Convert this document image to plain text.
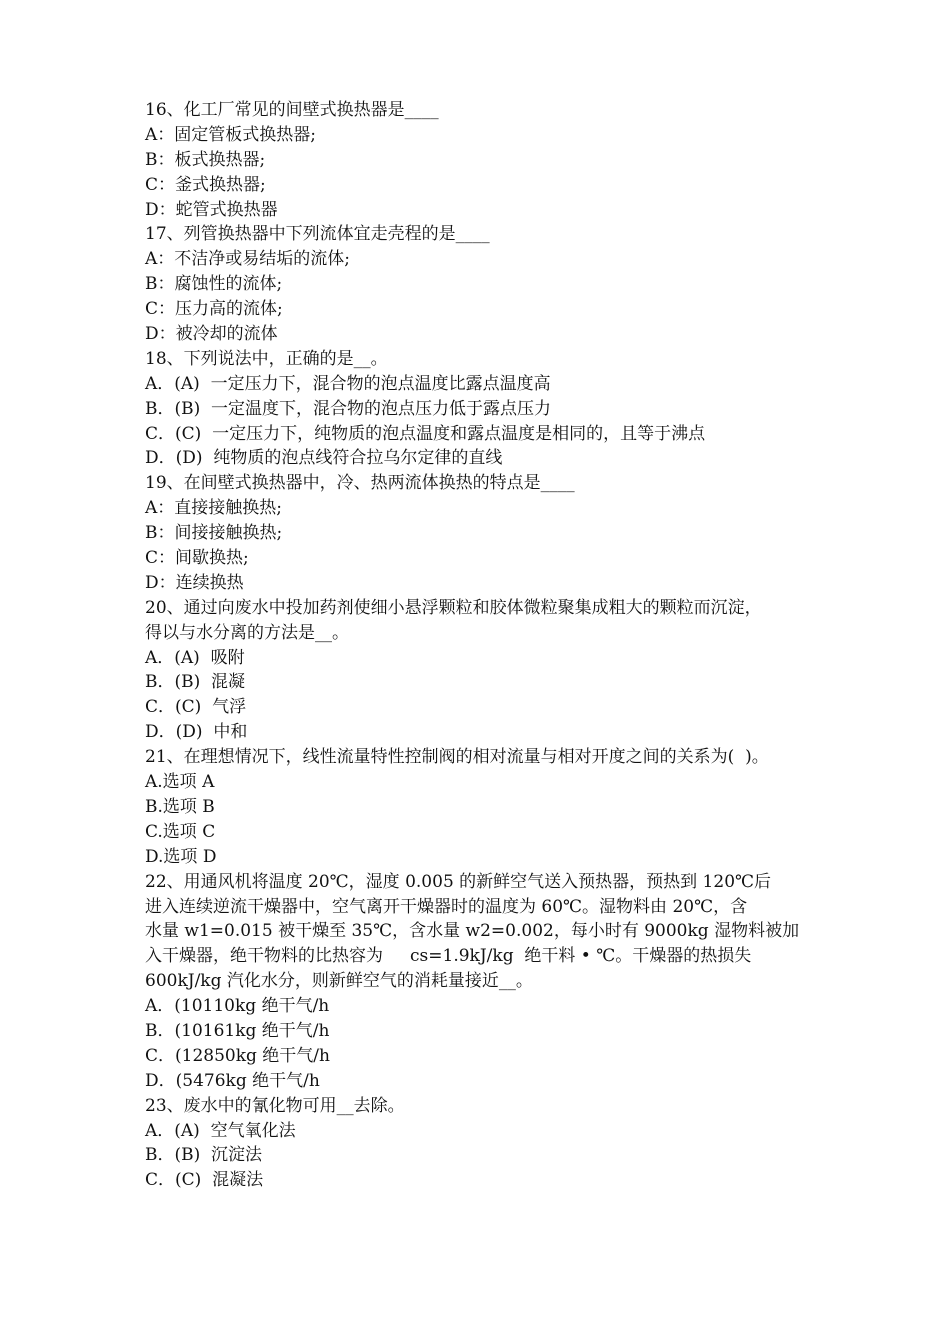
16、化工厂常见的间壁式换热器是____
A：固定管板式换热器;
B：板式换热器;
C：釜式换热器;
D：蛇管式换热器
17、列管换热器中下列流体宜走壳程的是____
A：不洁净或易结垢的流体;
B：腐蚀性的流体;
C：压力高的流体;
D：被冷却的流体
18、下列说法中，正确的是__。
A．(A)  一定压力下，混合物的泡点温度比露点温度高
B．(B)  一定温度下，混合物的泡点压力低于露点压力
C．(C)  一定压力下，纯物质的泡点温度和露点温度是相同的，且等于沸点
D．(D)  纯物质的泡点线符合拉乌尔定律的直线
19、在间壁式换热器中，冷、热两流体换热的特点是____
A：直接接触换热;
B：间接接触换热;
C：间歇换热;
D：连续换热
20、通过向废水中投加药剂使细小悬浮颗粒和胶体微粒聚集成粗大的颗粒而沉淀，
得以与水分离的方法是__。
A．(A)  吸附
B．(B)  混凝
C．(C)  气浮
D．(D)  中和
21、在理想情况下，线性流量特性控制阀的相对流量与相对开度之间的关系为(  )。
A.选项 A
B.选项 B
C.选项 C
D.选项 D
22、用通风机将温度 20℃，湿度 0.005 的新鲜空气送入预热器，预热到 120℃后
进入连续逆流干燥器中，空气离开干燥器时的温度为 60℃。湿物料由 20℃，含
水量 w1=0.015 被干燥至 35℃，含水量 w2=0.002，每小时有 9000kg 湿物料被加
入干燥器，绝干物料的比热容为     cs=1.9kJ/kg  绝干料 • ℃。干燥器的热损失
600kJ/kg 汽化水分，则新鲜空气的消耗量接近__。
A．(10110kg 绝干气/h
B．(10161kg 绝干气/h
C．(12850kg 绝干气/h
D．(5476kg 绝干气/h
23、废水中的氰化物可用__去除。
A．(A)  空气氧化法
B．(B)  沉淀法
C．(C)  混凝法
